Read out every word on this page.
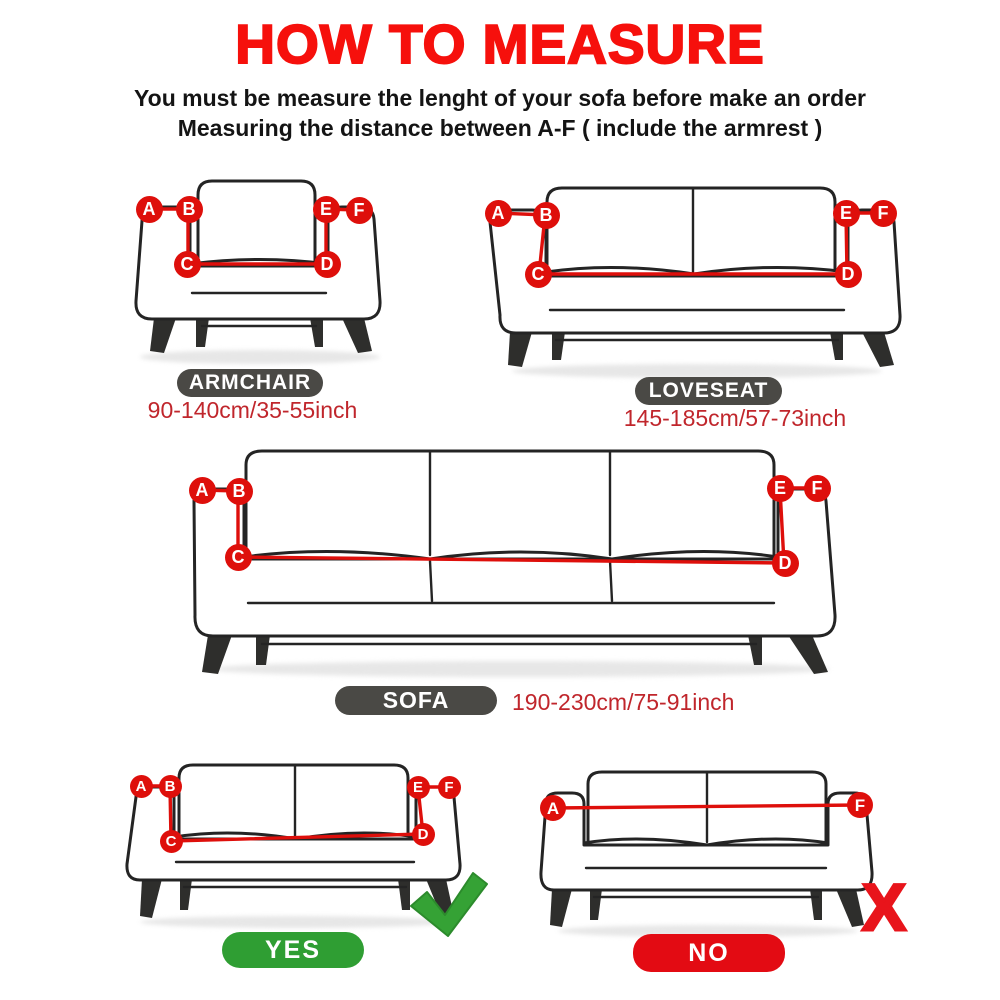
HOW TO MEASURE
You must be measure the lenght of your sofa before make an order
Measuring the distance between A-F ( include the armrest )
A	B
C	D
E	F
ARMCHAIR
90-140cm/35-55inch
A	B
C	D
E	F
LOVESEAT
145-185cm/57-73inch
A	B
C	D
E	F
SOFA	190-230cm/75-91inch
A	B
C	D
E	F
YES
A	F
X
NO
